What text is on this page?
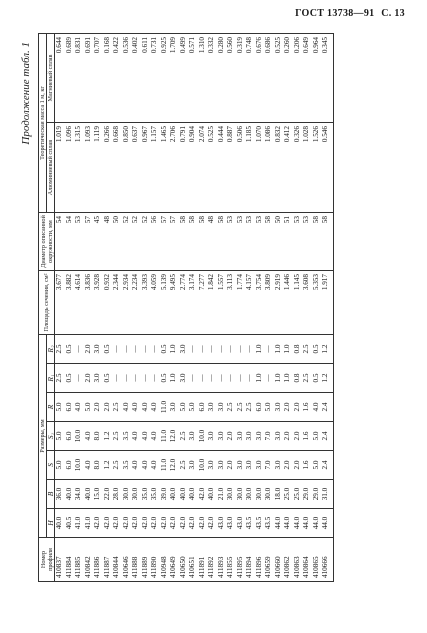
ГОСТ 13738—91 С. 13
Продолжение табл. 1
Номер профиля	Размеры, мм							Площадь сечения, см²	Диаметр описанной окружности, мм	Теоретическая масса 1 м, кг	
	H	B	S	S₁	R	R₁	R₂			Алюминиевый сплав	Магниевый сплав
410837	40.0	36.0	5.0	5.0	5.0	2.5	2.5	3.677	54	1.019	0.644
411884	40.5	40.0	6.0	6.0	6.0	0.5	0.5	3.882	54	1.096	0.689
411885	41.0	34.0	10.0	10.0	4.0	—	—	4.614	53	1.315	0.831
410842	41.0	40.0	4.0	4.0	5.0	2.0	2.0	3.836	57	1.093	0.691
411886	42.0	15.0	8.0	8.0	2.0	3.0	3.0	3.928	45	1.119	0.707
411887	42.0	22.0	1.2	1.2	2.0	0.5	0.5	0.932	48	0.266	0.168
410844	42.0	28.0	2.5	2.5	2.5	—	—	2.344	50	0.668	0.422
410646	42.0	30.0	3.5	3.5	4.0	—	—	2.934	52	0.850	0.536
411888	42.0	30.0	4.0	4.0	4.0	—	—	2.234	52	0.637	0.402
411889	42.0	35.0	4.0	4.0	4.0	—	—	3.393	52	0.967	0.611
411890	42.0	35.0	4.0	4.0	4.0	—	—	4.059	56	1.157	0.731
410948	42.0	39.0	11.0	11.0	11.0	0.5	0.5	5.139	57	1.465	0.925
410649	42.0	40.0	12.0	12.0	3.0	1.0	1.0	9.495	57	2.706	1.709
410650	42.0	40.0	2.5	2.5	5.0	3.0	3.0	2.774	58	0.791	0.499
410651	42.0	40.0	3.0	3.0	5.0	—	—	3.174	58	0.904	0.571
411891	42.0	42.0	10.0	10.0	6.0	—	—	7.277	58	2.074	1.310
411892	42.0	40.0	3.0	3.0	3.0	—	—	1.842	48	0.525	0.332
411893	43.0	21.0	3.0	3.0	3.0	—	—	1.557	58	0.444	0.280
411855	43.0	30.0	2.0	2.0	2.5	—	—	3.113	53	0.887	0.560
411895	43.0	30.0	3.0	3.0	2.5	—	—	1.774	53	0.506	0.319
411894	43.5	30.0	3.0	3.0	2.5	—	—	4.157	53	1.185	0.748
411896	43.5	30.0	3.0	3.0	6.0	1.0	1.0	3.754	53	1.070	0.676
410659	43.5	30.0	7.0	7.0	5.0	—	—	3.809	58	1.086	0.686
410660	44.0	18.0	3.0	3.0	3.0	1.0	1.0	2.919	50	0.832	0.525
410862	44.0	25.0	2.0	2.0	2.0	1.0	1.0	1.446	51	0.412	0.260
410863	44.0	25.0	2.0	2.0	2.0	0.8	0.8	1.145	53	0.326	0.206
410864	44.0	29.0	1.6	1.6	1.6	2.5	2.5	3.608	53	1.028	0.649
410865	44.0	29.0	5.0	5.0	4.0	0.5	0.5	5.353	58	1.526	0.964
410666	44.0	31.0	2.4	2.4	2.4	1.2	1.2	1.917	58	0.546	0.345
